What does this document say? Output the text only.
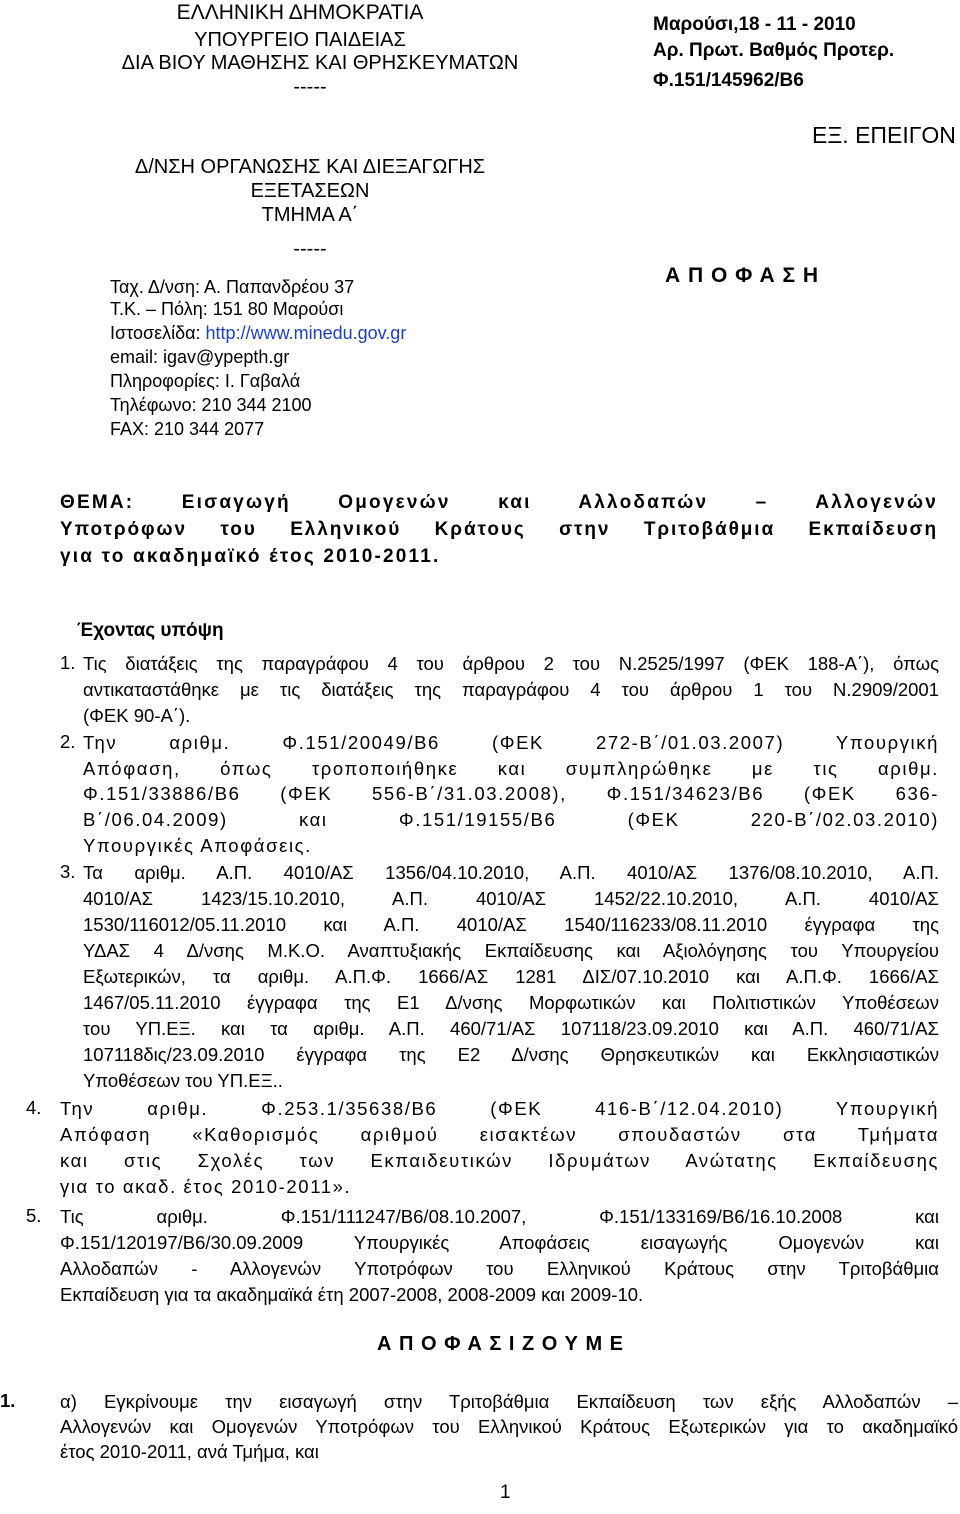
ΕΛΛΗΝΙΚΗ ΔΗΜΟΚΡΑΤΙΑ
ΥΠΟΥΡΓΕΙΟ ΠΑΙΔΕΙΑΣ
ΔΙΑ ΒΙΟΥ ΜΑΘΗΣΗΣ ΚΑΙ ΘΡΗΣΚΕΥΜΑΤΩΝ
-----
Δ/ΝΣΗ ΟΡΓΑΝΩΣΗΣ ΚΑΙ ΔΙΕΞΑΓΩΓΗΣ
ΕΞΕΤΑΣΕΩΝ
ΤΜΗΜΑ Α΄
-----
Ταχ. Δ/νση: Α. Παπανδρέου 37
Τ.Κ. – Πόλη: 151 80 Μαρούσι
Ιστοσελίδα: http://www.minedu.gov.gr
email: igav@ypepth.gr
Πληροφορίες: Ι. Γαβαλά
Τηλέφωνο: 210 344 2100
FAX: 210 344 2077
Μαρούσι,18 - 11 - 2010
Αρ. Πρωτ. Βαθμός Προτερ.
Φ.151/145962/Β6
ΕΞ. ΕΠΕΙΓΟΝ
Α Π Ο Φ Α Σ Η
ΘΕΜΑ: Εισαγωγή Ομογενών και Αλλοδαπών – Αλλογενών
Υποτρόφων του Ελληνικού Κράτους στην Τριτοβάθμια Εκπαίδευση
για το ακαδημαϊκό έτος 2010-2011.
Έχοντας υπόψη
1. Τις διατάξεις της παραγράφου 4 του άρθρου 2 του Ν.2525/1997 (ΦΕΚ 188-Α΄), όπως
αντικαταστάθηκε με τις διατάξεις της παραγράφου 4 του άρθρου 1 του Ν.2909/2001
(ΦΕΚ 90-Α΄).
2. Την αριθμ. Φ.151/20049/Β6 (ΦΕΚ 272-Β΄/01.03.2007) Υπουργική
Απόφαση, όπως τροποποιήθηκε και συμπληρώθηκε με τις αριθμ.
Φ.151/33886/Β6 (ΦΕΚ 556-Β΄/31.03.2008), Φ.151/34623/Β6 (ΦΕΚ 636-
Β΄/06.04.2009) και Φ.151/19155/Β6 (ΦΕΚ 220-Β΄/02.03.2010)
Υπουργικές Αποφάσεις.
3. Τα αριθμ. Α.Π. 4010/ΑΣ 1356/04.10.2010, Α.Π. 4010/ΑΣ 1376/08.10.2010, Α.Π.
4010/ΑΣ 1423/15.10.2010, Α.Π. 4010/ΑΣ 1452/22.10.2010, Α.Π. 4010/ΑΣ
1530/116012/05.11.2010 και Α.Π. 4010/ΑΣ 1540/116233/08.11.2010 έγγραφα της
ΥΔΑΣ 4 Δ/νσης Μ.Κ.Ο. Αναπτυξιακής Εκπαίδευσης και Αξιολόγησης του Υπουργείου
Εξωτερικών, τα αριθμ. Α.Π.Φ. 1666/ΑΣ 1281 ΔΙΣ/07.10.2010 και Α.Π.Φ. 1666/ΑΣ
1467/05.11.2010 έγγραφα της Ε1 Δ/νσης Μορφωτικών και Πολιτιστικών Υποθέσεων
του ΥΠ.ΕΞ. και τα αριθμ. Α.Π. 460/71/ΑΣ 107118/23.09.2010 και Α.Π. 460/71/ΑΣ
107118δις/23.09.2010 έγγραφα της Ε2 Δ/νσης Θρησκευτικών και Εκκλησιαστικών
Υποθέσεων του ΥΠ.ΕΞ..
4. Την αριθμ. Φ.253.1/35638/Β6 (ΦΕΚ 416-Β΄/12.04.2010) Υπουργική
Απόφαση «Καθορισμός αριθμού εισακτέων σπουδαστών στα Τμήματα
και στις Σχολές των Εκπαιδευτικών Ιδρυμάτων Ανώτατης Εκπαίδευσης
για το ακαδ. έτος 2010-2011».
5. Τις αριθμ. Φ.151/111247/Β6/08.10.2007, Φ.151/133169/Β6/16.10.2008 και
Φ.151/120197/Β6/30.09.2009 Υπουργικές Αποφάσεις εισαγωγής Ομογενών και
Αλλοδαπών - Αλλογενών Υποτρόφων του Ελληνικού Κράτους στην Τριτοβάθμια
Εκπαίδευση για τα ακαδημαϊκά έτη 2007-2008, 2008-2009 και 2009-10.
Α Π Ο Φ Α Σ Ι Ζ Ο Υ Μ Ε
1. α) Εγκρίνουμε την εισαγωγή στην Τριτοβάθμια Εκπαίδευση των εξής Αλλοδαπών –
Αλλογενών και Ομογενών Υποτρόφων του Ελληνικού Κράτους Εξωτερικών για το ακαδημαϊκό
έτος 2010-2011, ανά Τμήμα, και
1
